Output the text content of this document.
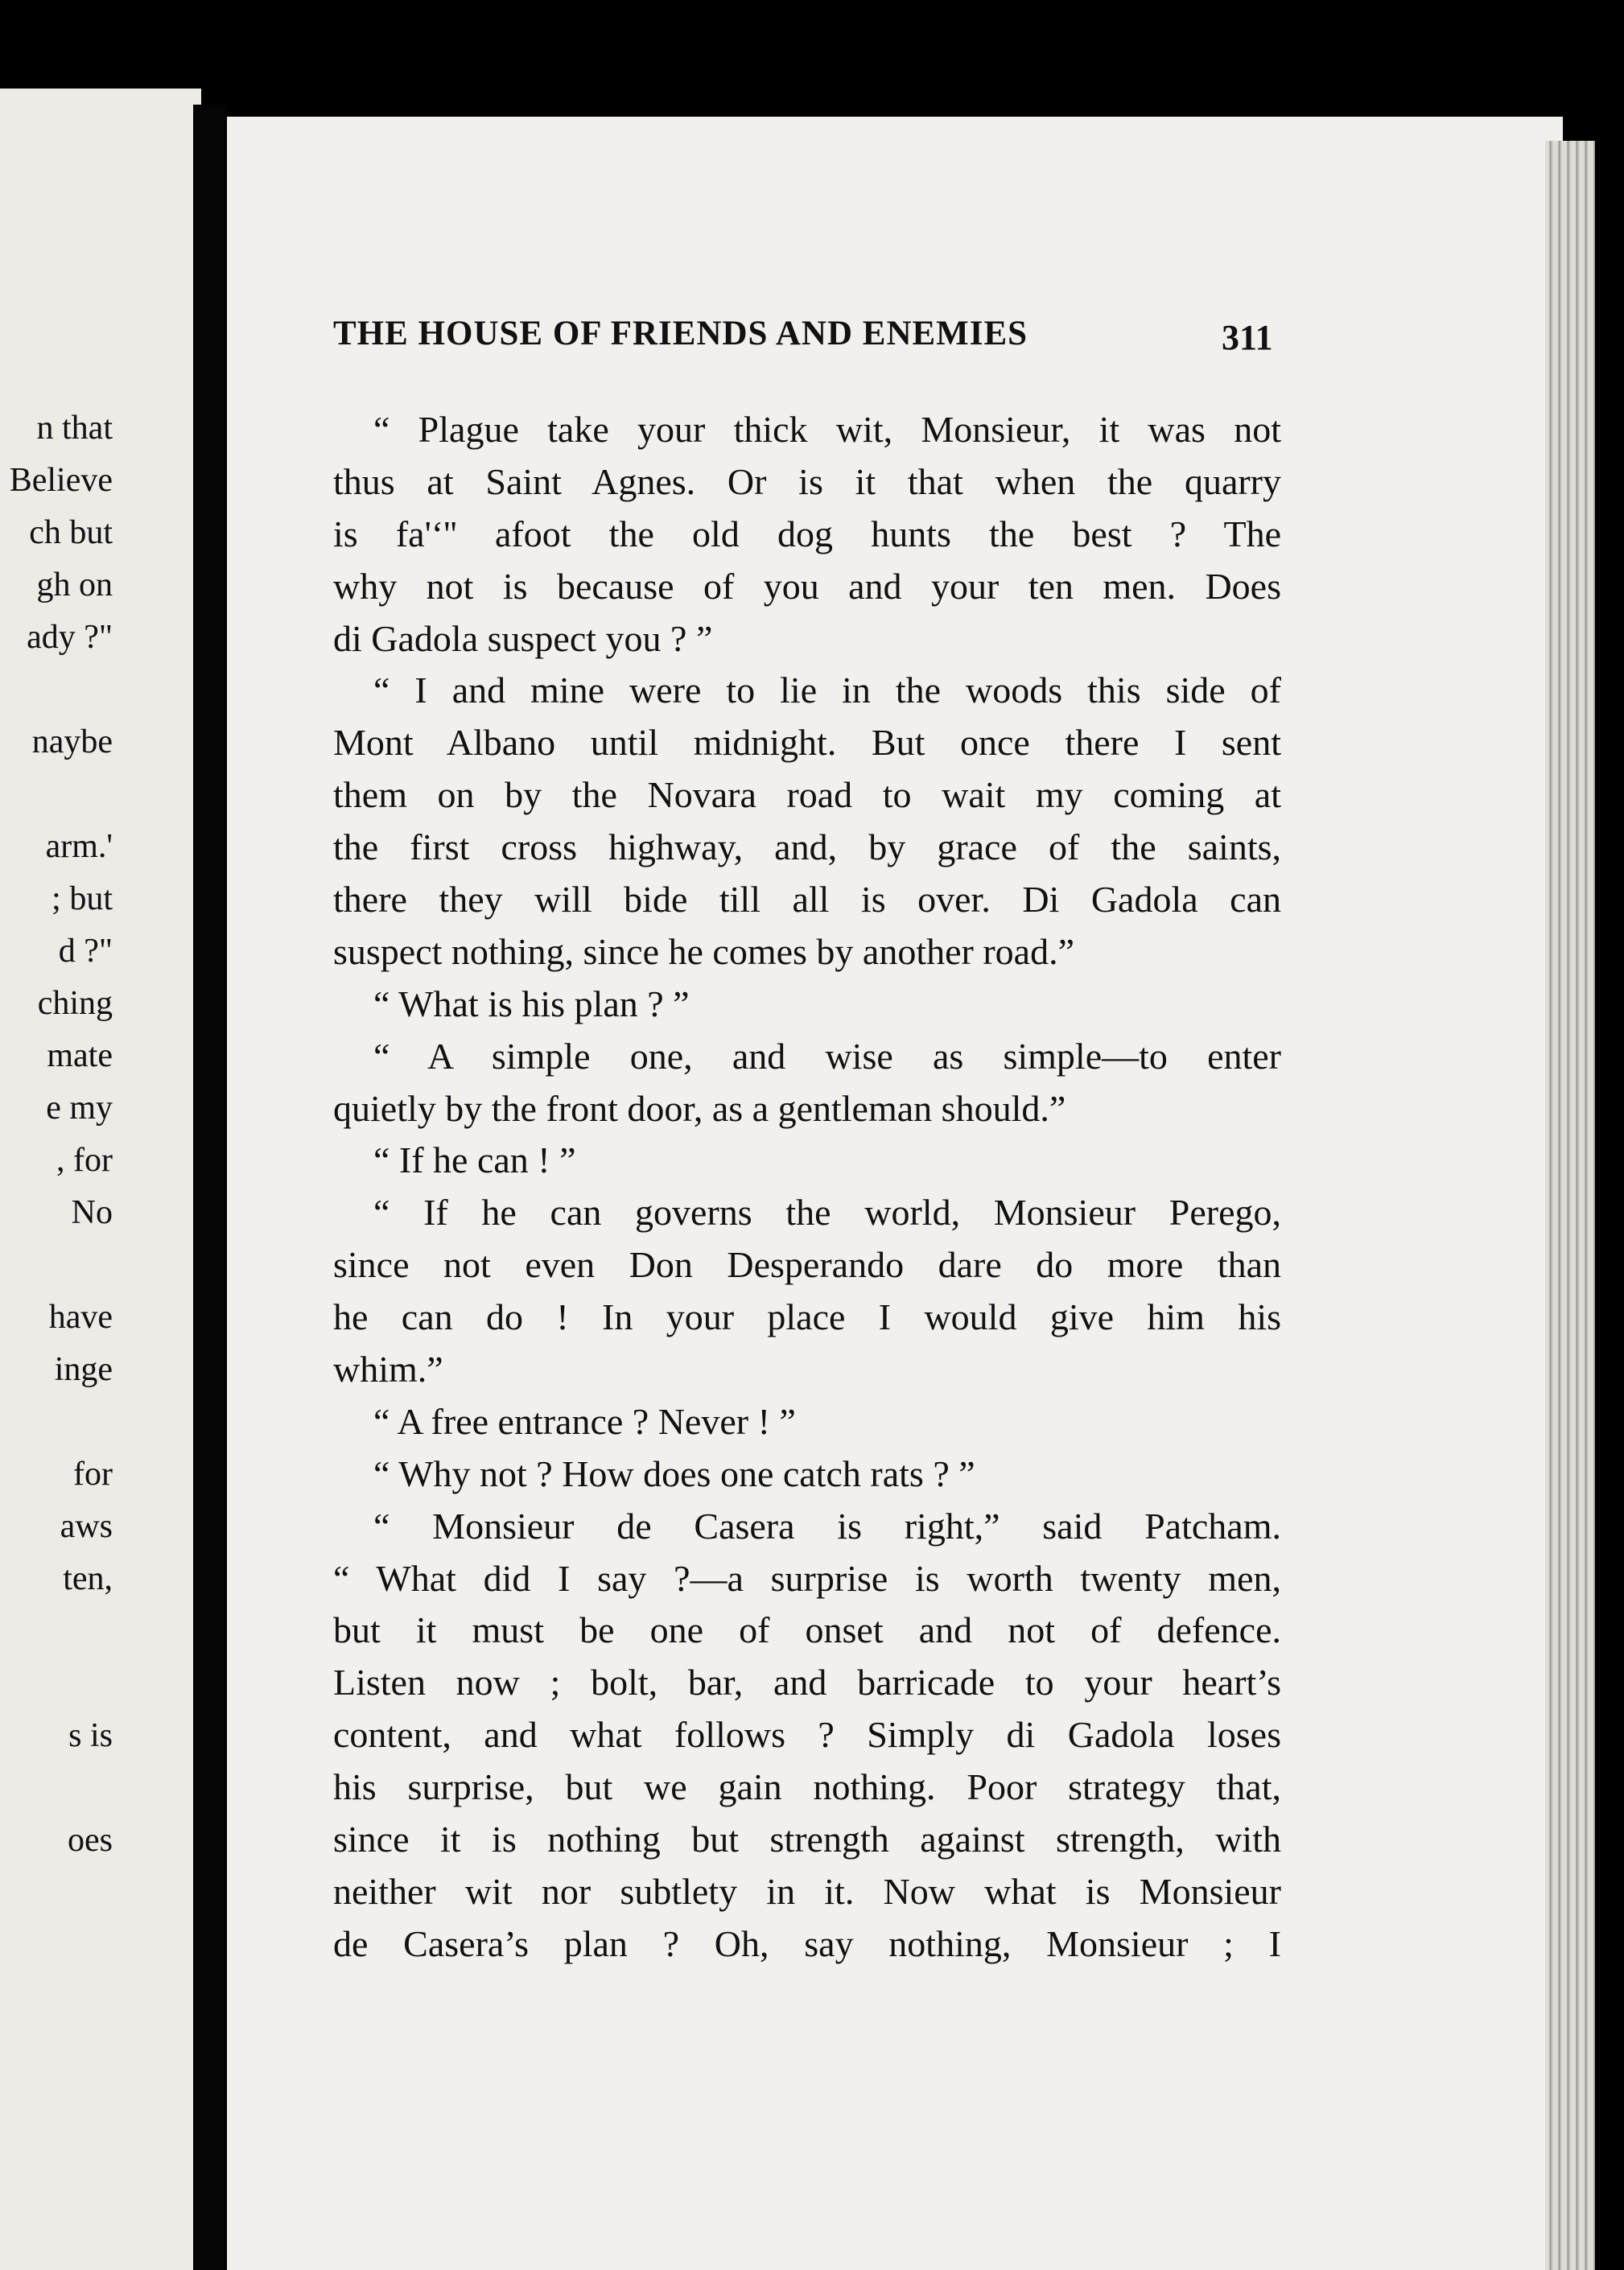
n that
Believe
ch but
gh on
ady ?"
naybe
arm.'
; but
d ?"
ching
mate
e my
, for
No
have
inge
for
aws
ten,
s is
oes
THE HOUSE OF FRIENDS AND ENEMIES	311
“ Plague take your thick wit, Monsieur, it was not
thus at Saint Agnes. Or is it that when the quarry
is fa'‘'' afoot the old dog hunts the best ? The
why not is because of you and your ten men. Does
di Gadola suspect you ? ”
“ I and mine were to lie in the woods this side of
Mont Albano until midnight. But once there I sent
them on by the Novara road to wait my coming at
the first cross highway, and, by grace of the saints,
there they will bide till all is over. Di Gadola can
suspect nothing, since he comes by another road.”
“ What is his plan ? ”
“ A simple one, and wise as simple—to enter
quietly by the front door, as a gentleman should.”
“ If he can ! ”
“ If he can governs the world, Monsieur Perego,
since not even Don Desperando dare do more than
he can do ! In your place I would give him his
whim.”
“ A free entrance ? Never ! ”
“ Why not ? How does one catch rats ? ”
“ Monsieur de Casera is right,” said Patcham.
“ What did I say ?—a surprise is worth twenty men,
but it must be one of onset and not of defence.
Listen now ; bolt, bar, and barricade to your heart’s
content, and what follows ? Simply di Gadola loses
his surprise, but we gain nothing. Poor strategy that,
since it is nothing but strength against strength, with
neither wit nor subtlety in it. Now what is Monsieur
de Casera’s plan ? Oh, say nothing, Monsieur ; I
